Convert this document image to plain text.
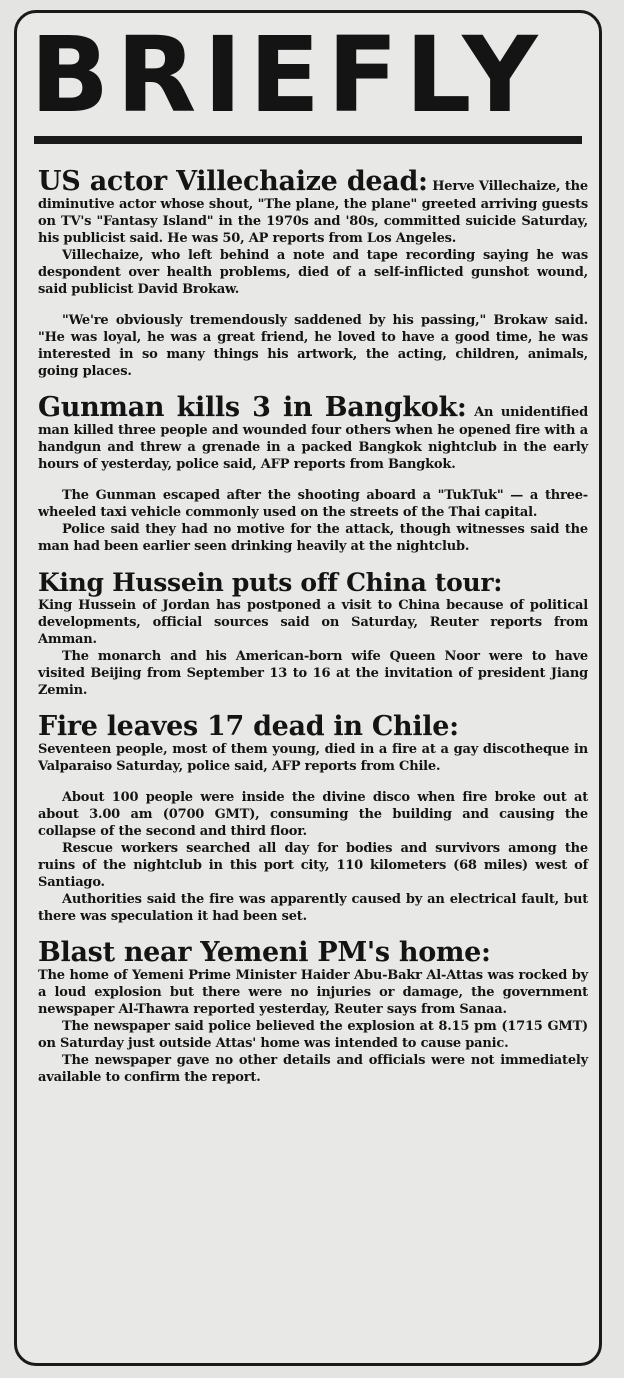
BRIEFLY

US actor Villechaize dead: Herve Villechaize, the diminutive actor whose shout, "The plane, the plane" greeted arriving guests on TV's "Fantasy Island" in the 1970s and '80s, committed suicide Saturday, his publicist said. He was 50, AP reports from Los Angeles.

Villechaize, who left behind a note and tape recording saying he was despondent over health problems, died of a self-inflicted gunshot wound, said publicist David Brokaw.

"We're obviously tremendously saddened by his passing," Brokaw said. "He was loyal, he was a great friend, he loved to have a good time, he was interested in so many things his artwork, the acting, children, animals, going places.

Gunman kills 3 in Bangkok: An unidentified man killed three people and wounded four others when he opened fire with a handgun and threw a grenade in a packed Bangkok nightclub in the early hours of yesterday, police said, AFP reports from Bangkok.

The Gunman escaped after the shooting aboard a "TukTuk" — a three-wheeled taxi vehicle commonly used on the streets of the Thai capital.

Police said they had no motive for the attack, though witnesses said the man had been earlier seen drinking heavily at the nightclub.

King Hussein puts off China tour:

King Hussein of Jordan has postponed a visit to China because of political developments, official sources said on Saturday, Reuter reports from Amman.

The monarch and his American-born wife Queen Noor were to have visited Beijing from September 13 to 16 at the invitation of president Jiang Zemin.

Fire leaves 17 dead in Chile:

Seventeen people, most of them young, died in a fire at a gay discotheque in Valparaiso Saturday, police said, AFP reports from Chile.

About 100 people were inside the divine disco when fire broke out at about 3.00 am (0700 GMT), consuming the building and causing the collapse of the second and third floor.

Rescue workers searched all day for bodies and survivors among the ruins of the nightclub in this port city, 110 kilometers (68 miles) west of Santiago.

Authorities said the fire was apparently caused by an electrical fault, but there was speculation it had been set.

Blast near Yemeni PM's home:

The home of Yemeni Prime Minister Haider Abu-Bakr Al-Attas was rocked by a loud explosion but there were no injuries or damage, the government newspaper Al-Thawra reported yesterday, Reuter says from Sanaa.

The newspaper said police believed the explosion at 8.15 pm (1715 GMT) on Saturday just outside Attas' home was intended to cause panic.

The newspaper gave no other details and officials were not immediately available to confirm the report.
